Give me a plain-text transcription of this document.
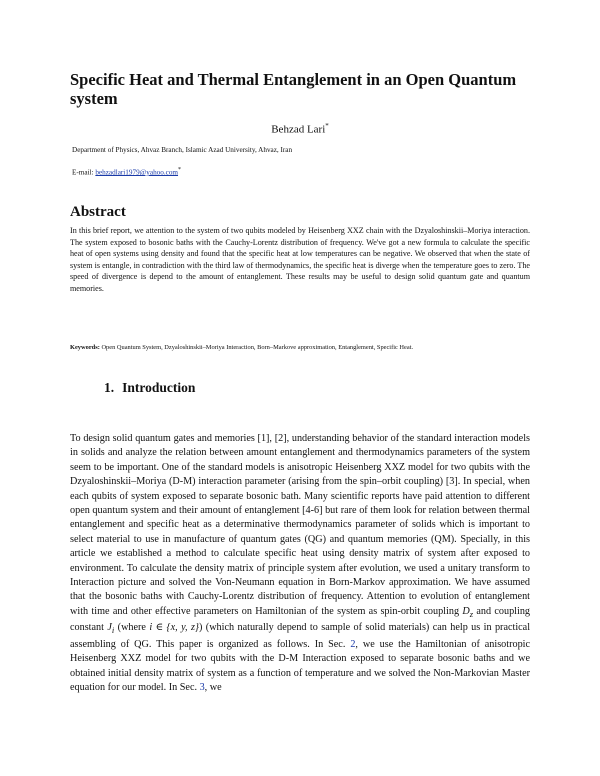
Specific Heat and Thermal Entanglement in an Open Quantum system
Behzad Lari*
Department of Physics, Ahvaz Branch, Islamic Azad University, Ahvaz, Iran
E-mail: behzadlari1979@yahoo.com*
Abstract
In this brief report, we attention to the system of two qubits modeled by Heisenberg XXZ chain with the Dzyaloshinskii–Moriya interaction. The system exposed to bosonic baths with the Cauchy-Lorentz distribution of frequency. We've got a new formula to calculate the specific heat of open systems using density and found that the specific heat at low temperatures can be negative. We observed that when the state of system is entangle, in contradiction with the third law of thermodynamics, the specific heat is diverge when the temperature goes to zero. The speed of divergence is depend to the amount of entanglement. These results may be useful to design solid quantum gate and quantum memories.
Keywords: Open Quantum System, Dzyaloshinskii–Moriya Interaction, Born–Markove approximation, Entanglement, Specific Heat.
1. Introduction
To design solid quantum gates and memories [1], [2], understanding behavior of the standard interaction models in solids and analyze the relation between amount entanglement and thermodynamics parameters of the system seem to be important. One of the standard models is anisotropic Heisenberg XXZ model for two qubits with the Dzyaloshinskii–Moriya (D-M) interaction parameter (arising from the spin–orbit coupling) [3]. In special, when each qubits of system exposed to separate bosonic bath. Many scientific reports have paid attention to different open quantum system and their amount of entanglement [4-6] but rare of them look for relation between thermal entanglement and specific heat as a determinative thermodynamics parameter of solids which is important to select material to use in manufacture of quantum gates (QG) and quantum memories (QM). Specially, in this article we established a method to calculate specific heat using density matrix of system after exposed to environment. To calculate the density matrix of principle system after evolution, we used a unitary transform to Interaction picture and solved the Von-Neumann equation in Born-Markov approximation. We have assumed that the bosonic baths with Cauchy-Lorentz distribution of frequency. Attention to evolution of entanglement with time and other effective parameters on Hamiltonian of the system as spin-orbit coupling $D_z$ and coupling constant $J_i$ (where i ∈ {x, y, z}) (which naturally depend to sample of solid materials) can help us in practical assembling of QG. This paper is organized as follows. In Sec. 2, we use the Hamiltonian of anisotropic Heisenberg XXZ model for two qubits with the D-M Interaction exposed to separate bosonic baths and we obtained initial density matrix of system as a function of temperature and we solved the Non-Markovian Master equation for our model. In Sec. 3, we
